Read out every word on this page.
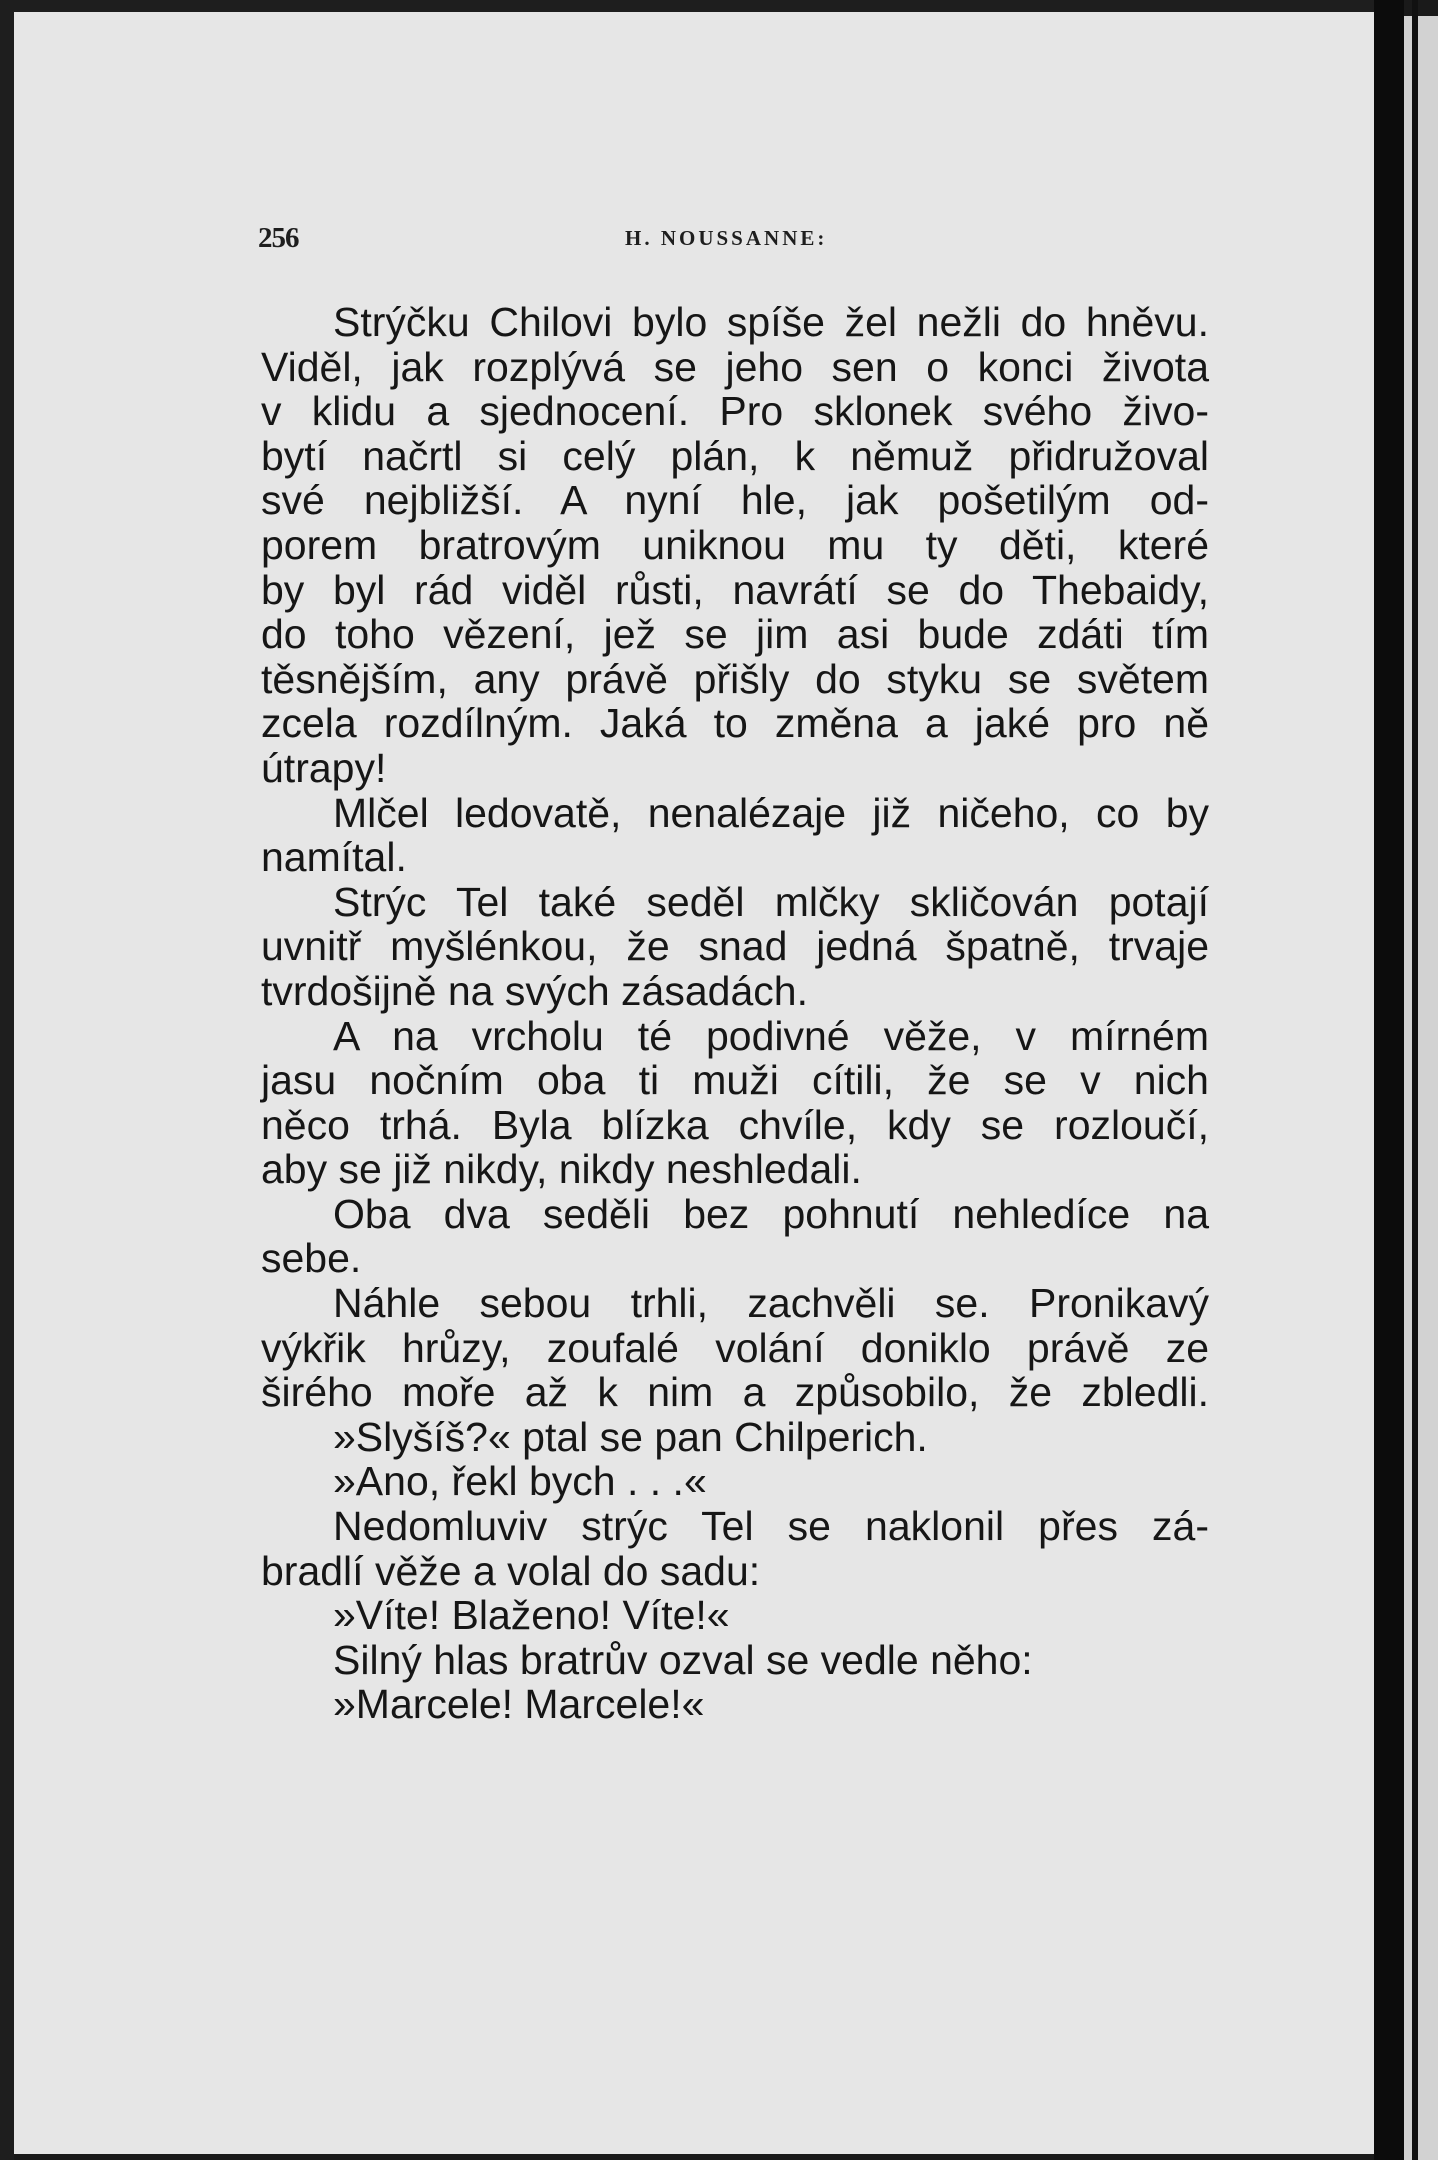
256	H. NOUSSANNE:
Strýčku Chilovi bylo spíše žel nežli do hněvu.
Viděl, jak rozplývá se jeho sen o konci života
v klidu a sjednocení. Pro sklonek svého živo-
bytí načrtl si celý plán, k němuž přidružoval
své nejbližší. A nyní hle, jak pošetilým od-
porem bratrovým uniknou mu ty děti, které
by byl rád viděl růsti, navrátí se do Thebaidy,
do toho vězení, jež se jim asi bude zdáti tím
těsnějším, any právě přišly do styku se světem
zcela rozdílným. Jaká to změna a jaké pro ně
útrapy!
Mlčel ledovatě, nenalézaje již ničeho, co by
namítal.
Strýc Tel také seděl mlčky skličován potají
uvnitř myšlénkou, že snad jedná špatně, trvaje
tvrdošijně na svých zásadách.
A na vrcholu té podivné věže, v mírném
jasu nočním oba ti muži cítili, že se v nich
něco trhá. Byla blízka chvíle, kdy se rozloučí,
aby se již nikdy, nikdy neshledali.
Oba dva seděli bez pohnutí nehledíce na
sebe.
Náhle sebou trhli, zachvěli se. Pronikavý
výkřik hrůzy, zoufalé volání doniklo právě ze
širého moře až k nim a způsobilo, že zbledli.
»Slyšíš?« ptal se pan Chilperich.
»Ano, řekl bych . . .«
Nedomluviv strýc Tel se naklonil přes zá-
bradlí věže a volal do sadu:
»Víte! Blaženo! Víte!«
Silný hlas bratrův ozval se vedle něho:
»Marcele! Marcele!«
